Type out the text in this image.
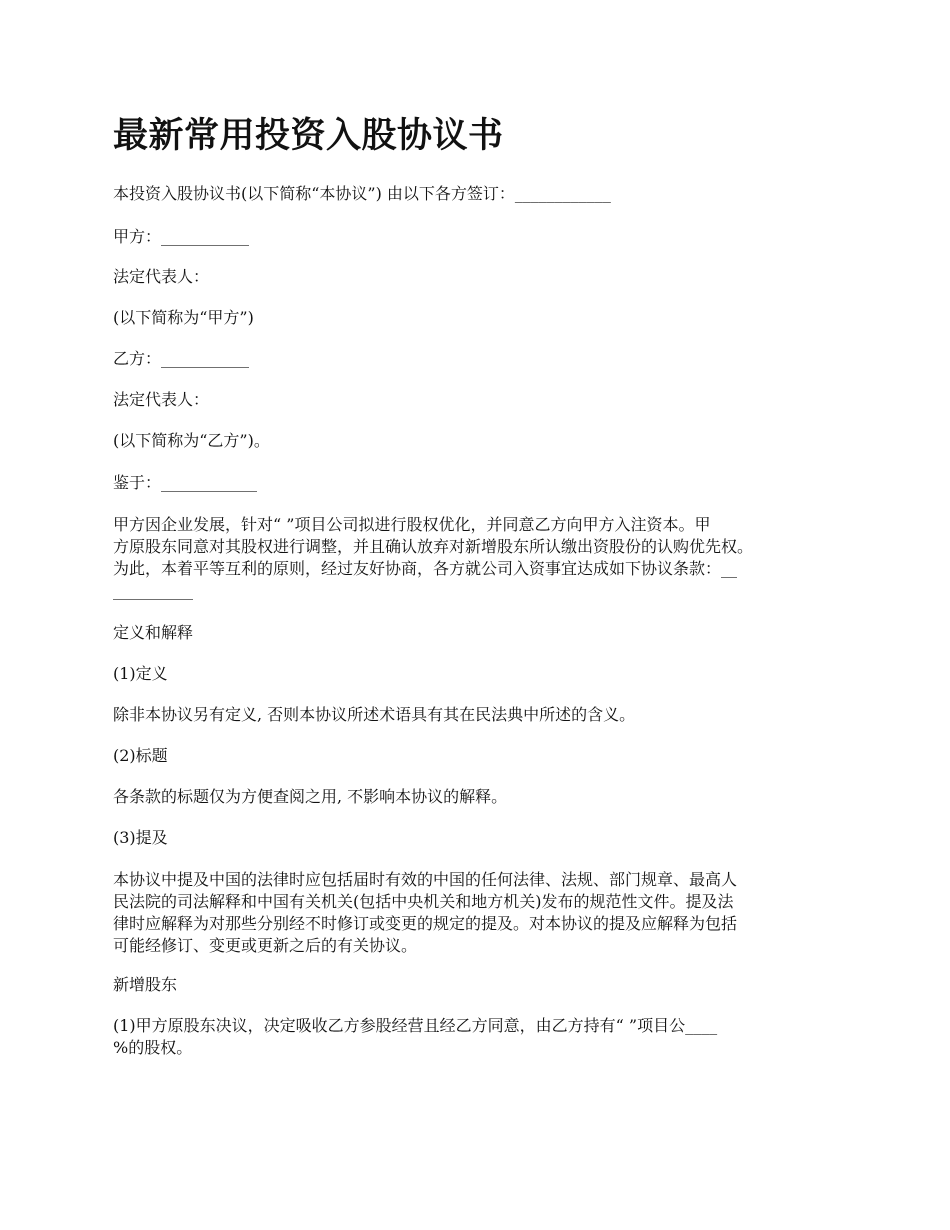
最新常用投资入股协议书

本投资入股协议书(以下简称“本协议”) 由以下各方签订：____________

甲方：___________

法定代表人：

(以下简称为“甲方”)

乙方：___________

法定代表人：

(以下简称为“乙方”)。

鉴于：____________

甲方因企业发展，针对“ ”项目公司拟进行股权优化，并同意乙方向甲方入注资本。甲
方原股东同意对其股权进行调整，并且确认放弃对新增股东所认缴出资股份的认购优先权。
为此，本着平等互利的原则，经过友好协商，各方就公司入资事宜达成如下协议条款：__
__________

定义和解释

(1)定义

除非本协议另有定义, 否则本协议所述术语具有其在民法典中所述的含义。

(2)标题

各条款的标题仅为方便查阅之用, 不影响本协议的解释。

(3)提及

本协议中提及中国的法律时应包括届时有效的中国的任何法律、法规、部门规章、最高人
民法院的司法解释和中国有关机关(包括中央机关和地方机关)发布的规范性文件。提及法
律时应解释为对那些分别经不时修订或变更的规定的提及。对本协议的提及应解释为包括
可能经修订、变更或更新之后的有关协议。

新增股东

(1)甲方原股东决议，决定吸收乙方参股经营且经乙方同意，由乙方持有“ ”项目公____
%的股权。
